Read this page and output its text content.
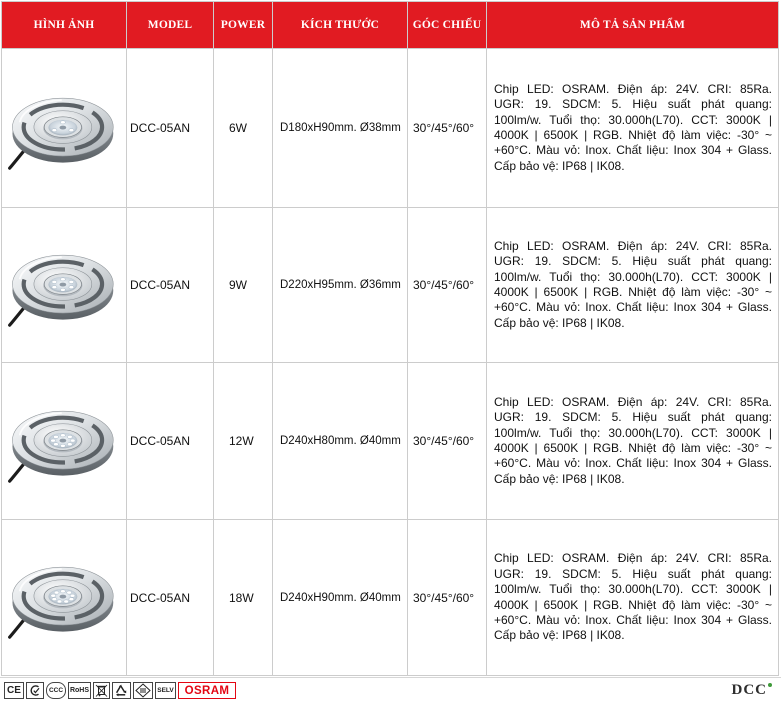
HÌNH ẢNH	MODEL	POWER	KÍCH THƯỚC	GÓC CHIẾU	MÔ TẢ SẢN PHẨM
DCC-05AN	6W	D180xH90mm. Ø38mm	30°/45°/60°
Chip LED: OSRAM. Điện áp: 24V. CRI: 85Ra.
UGR: 19. SDCM: 5. Hiệu suất phát quang:
100lm/w. Tuổi thọ: 30.000h(L70). CCT: 3000K |
4000K | 6500K | RGB. Nhiệt độ làm việc: -30° ~
+60°C. Màu vỏ: Inox. Chất liệu: Inox 304 + Glass.
Cấp bảo vệ: IP68 | IK08.
DCC-05AN	9W	D220xH95mm. Ø36mm	30°/45°/60°
Chip LED: OSRAM. Điện áp: 24V. CRI: 85Ra.
UGR: 19. SDCM: 5. Hiệu suất phát quang:
100lm/w. Tuổi thọ: 30.000h(L70). CCT: 3000K |
4000K | 6500K | RGB. Nhiệt độ làm việc: -30° ~
+60°C. Màu vỏ: Inox. Chất liệu: Inox 304 + Glass.
Cấp bảo vệ: IP68 | IK08.
DCC-05AN	12W	D240xH80mm. Ø40mm	30°/45°/60°
Chip LED: OSRAM. Điện áp: 24V. CRI: 85Ra.
UGR: 19. SDCM: 5. Hiệu suất phát quang:
100lm/w. Tuổi thọ: 30.000h(L70). CCT: 3000K |
4000K | 6500K | RGB. Nhiệt độ làm việc: -30° ~
+60°C. Màu vỏ: Inox. Chất liệu: Inox 304 + Glass.
Cấp bảo vệ: IP68 | IK08.
DCC-05AN	18W	D240xH90mm. Ø40mm	30°/45°/60°
Chip LED: OSRAM. Điện áp: 24V. CRI: 85Ra.
UGR: 19. SDCM: 5. Hiệu suất phát quang:
100lm/w. Tuổi thọ: 30.000h(L70). CCT: 3000K |
4000K | 6500K | RGB. Nhiệt độ làm việc: -30° ~
+60°C. Màu vỏ: Inox. Chất liệu: Inox 304 + Glass.
Cấp bảo vệ: IP68 | IK08.
CE	CCC RoHS	SELV OSRAM	DCC
